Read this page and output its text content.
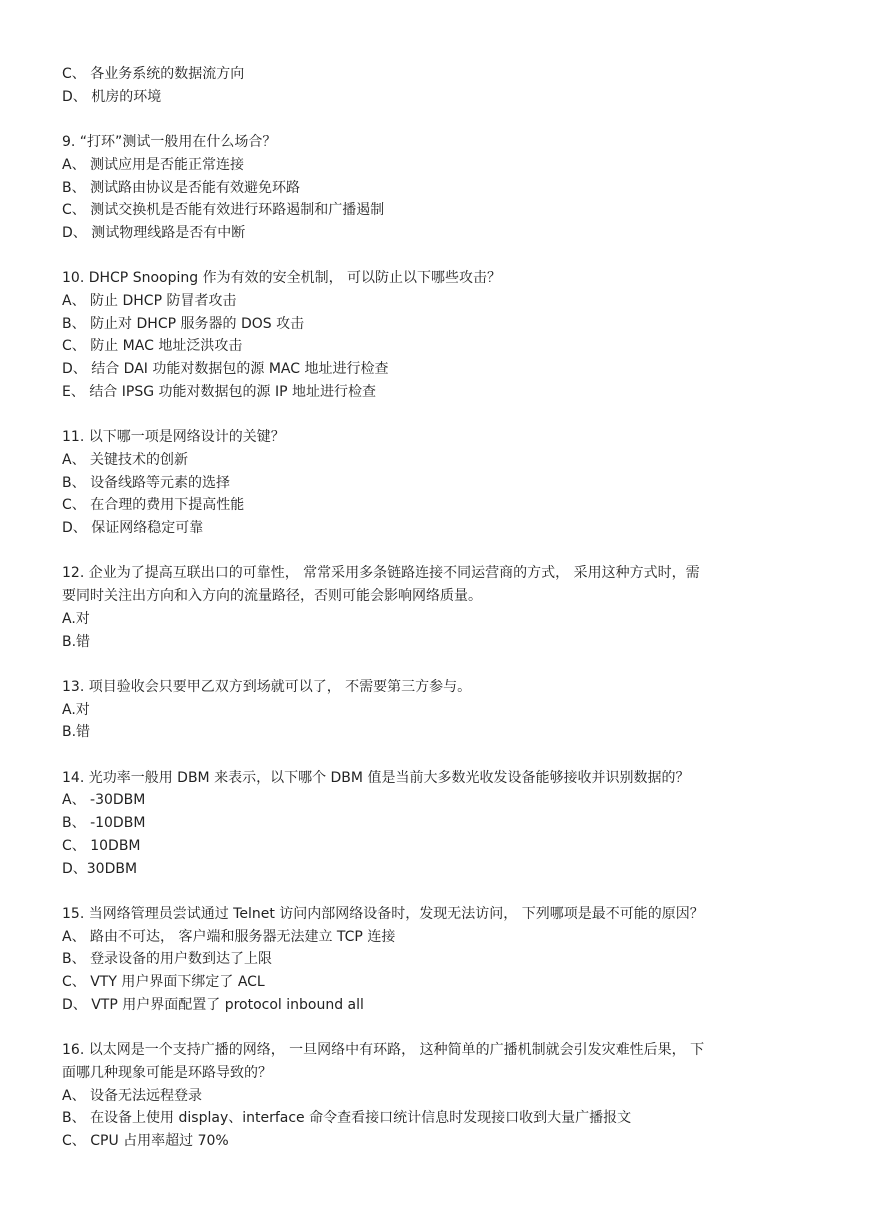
C、 各业务系统的数据流方向
D、 机房的环境
9. “打环”测试一般用在什么场合？
A、 测试应用是否能正常连接
B、 测试路由协议是否能有效避免环路
C、 测试交换机是否能有效进行环路遏制和广播遏制
D、 测试物理线路是否有中断
10. DHCP Snooping 作为有效的安全机制， 可以防止以下哪些攻击？
A、 防止 DHCP 防冒者攻击
B、 防止对 DHCP 服务器的 DOS 攻击
C、 防止 MAC 地址泛洪攻击
D、 结合 DAI 功能对数据包的源 MAC 地址进行检查
E、 结合 IPSG 功能对数据包的源 IP 地址进行检查
11. 以下哪一项是网络设计的关键？
A、 关键技术的创新
B、 设备线路等元素的选择
C、 在合理的费用下提高性能
D、 保证网络稳定可靠
12. 企业为了提高互联出口的可靠性， 常常采用多条链路连接不同运营商的方式， 采用这种方式时，需
要同时关注出方向和入方向的流量路径，否则可能会影响网络质量。
A.对
B.错
13. 项目验收会只要甲乙双方到场就可以了， 不需要第三方参与。
A.对
B.错
14. 光功率一般用 DBM 来表示，以下哪个 DBM 值是当前大多数光收发设备能够接收并识别数据的？
A、 -30DBM
B、 -10DBM
C、 10DBM
D、30DBM
15. 当网络管理员尝试通过 Telnet 访问内部网络设备时，发现无法访问， 下列哪项是最不可能的原因？
A、 路由不可达， 客户端和服务器无法建立 TCP 连接
B、 登录设备的用户数到达了上限
C、 VTY 用户界面下绑定了 ACL
D、 VTP 用户界面配置了 protocol inbound all
16. 以太网是一个支持广播的网络， 一旦网络中有环路， 这种简单的广播机制就会引发灾难性后果， 下
面哪几种现象可能是环路导致的？
A、 设备无法远程登录
B、 在设备上使用 display、interface 命令查看接口统计信息时发现接口收到大量广播报文
C、 CPU 占用率超过 70%
